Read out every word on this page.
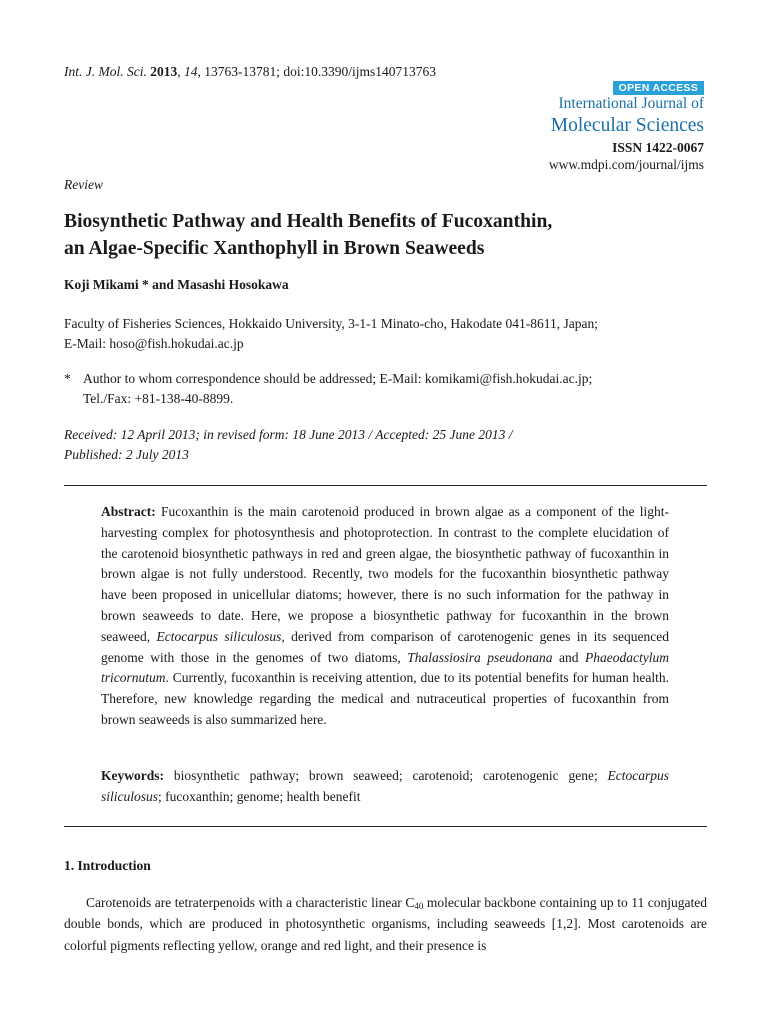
Int. J. Mol. Sci. 2013, 14, 13763-13781; doi:10.3390/ijms140713763
OPEN ACCESS
International Journal of
Molecular Sciences
ISSN 1422-0067
www.mdpi.com/journal/ijms
Review
Biosynthetic Pathway and Health Benefits of Fucoxanthin,
an Algae-Specific Xanthophyll in Brown Seaweeds
Koji Mikami * and Masashi Hosokawa
Faculty of Fisheries Sciences, Hokkaido University, 3-1-1 Minato-cho, Hakodate 041-8611, Japan;
E-Mail: hoso@fish.hokudai.ac.jp
* Author to whom correspondence should be addressed; E-Mail: komikami@fish.hokudai.ac.jp;
Tel./Fax: +81-138-40-8899.
Received: 12 April 2013; in revised form: 18 June 2013 / Accepted: 25 June 2013 /
Published: 2 July 2013
Abstract: Fucoxanthin is the main carotenoid produced in brown algae as a component of the light-harvesting complex for photosynthesis and photoprotection. In contrast to the complete elucidation of the carotenoid biosynthetic pathways in red and green algae, the biosynthetic pathway of fucoxanthin in brown algae is not fully understood. Recently, two models for the fucoxanthin biosynthetic pathway have been proposed in unicellular diatoms; however, there is no such information for the pathway in brown seaweeds to date. Here, we propose a biosynthetic pathway for fucoxanthin in the brown seaweed, Ectocarpus siliculosus, derived from comparison of carotenogenic genes in its sequenced genome with those in the genomes of two diatoms, Thalassiosira pseudonana and Phaeodactylum tricornutum. Currently, fucoxanthin is receiving attention, due to its potential benefits for human health. Therefore, new knowledge regarding the medical and nutraceutical properties of fucoxanthin from brown seaweeds is also summarized here.
Keywords: biosynthetic pathway; brown seaweed; carotenoid; carotenogenic gene; Ectocarpus siliculosus; fucoxanthin; genome; health benefit
1. Introduction
Carotenoids are tetraterpenoids with a characteristic linear $C_{40}$ molecular backbone containing up to 11 conjugated double bonds, which are produced in photosynthetic organisms, including seaweeds [1,2]. Most carotenoids are colorful pigments reflecting yellow, orange and red light, and their presence is
